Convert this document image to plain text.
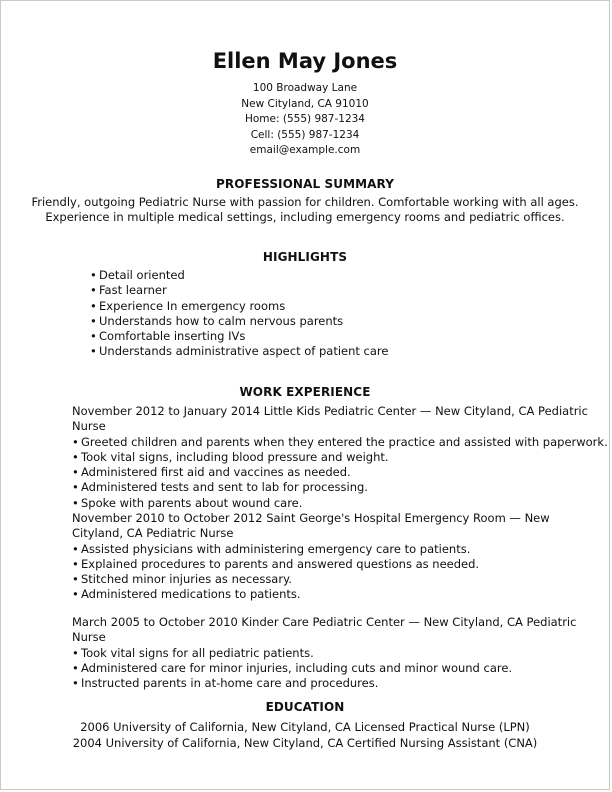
Ellen May Jones
100 Broadway Lane
New Cityland, CA 91010
Home: (555) 987-1234
Cell: (555) 987-1234
email@example.com
PROFESSIONAL SUMMARY
Friendly, outgoing Pediatric Nurse with passion for children. Comfortable working with all ages.
Experience in multiple medical settings, including emergency rooms and pediatric offices.
HIGHLIGHTS
• Detail oriented
• Fast learner
• Experience In emergency rooms
• Understands how to calm nervous parents
• Comfortable inserting IVs
• Understands administrative aspect of patient care
WORK EXPERIENCE
November 2012 to January 2014 Little Kids Pediatric Center — New Cityland, CA Pediatric Nurse
• Greeted children and parents when they entered the practice and assisted with paperwork.
• Took vital signs, including blood pressure and weight.
• Administered first aid and vaccines as needed.
• Administered tests and sent to lab for processing.
• Spoke with parents about wound care.
November 2010 to October 2012 Saint George's Hospital Emergency Room — New Cityland, CA Pediatric Nurse
• Assisted physicians with administering emergency care to patients.
• Explained procedures to parents and answered questions as needed.
• Stitched minor injuries as necessary.
• Administered medications to patients.
March 2005 to October 2010 Kinder Care Pediatric Center — New Cityland, CA Pediatric Nurse
• Took vital signs for all pediatric patients.
• Administered care for minor injuries, including cuts and minor wound care.
• Instructed parents in at-home care and procedures.
EDUCATION
2006 University of California, New Cityland, CA Licensed Practical Nurse (LPN)
2004 University of California, New Cityland, CA Certified Nursing Assistant (CNA)
